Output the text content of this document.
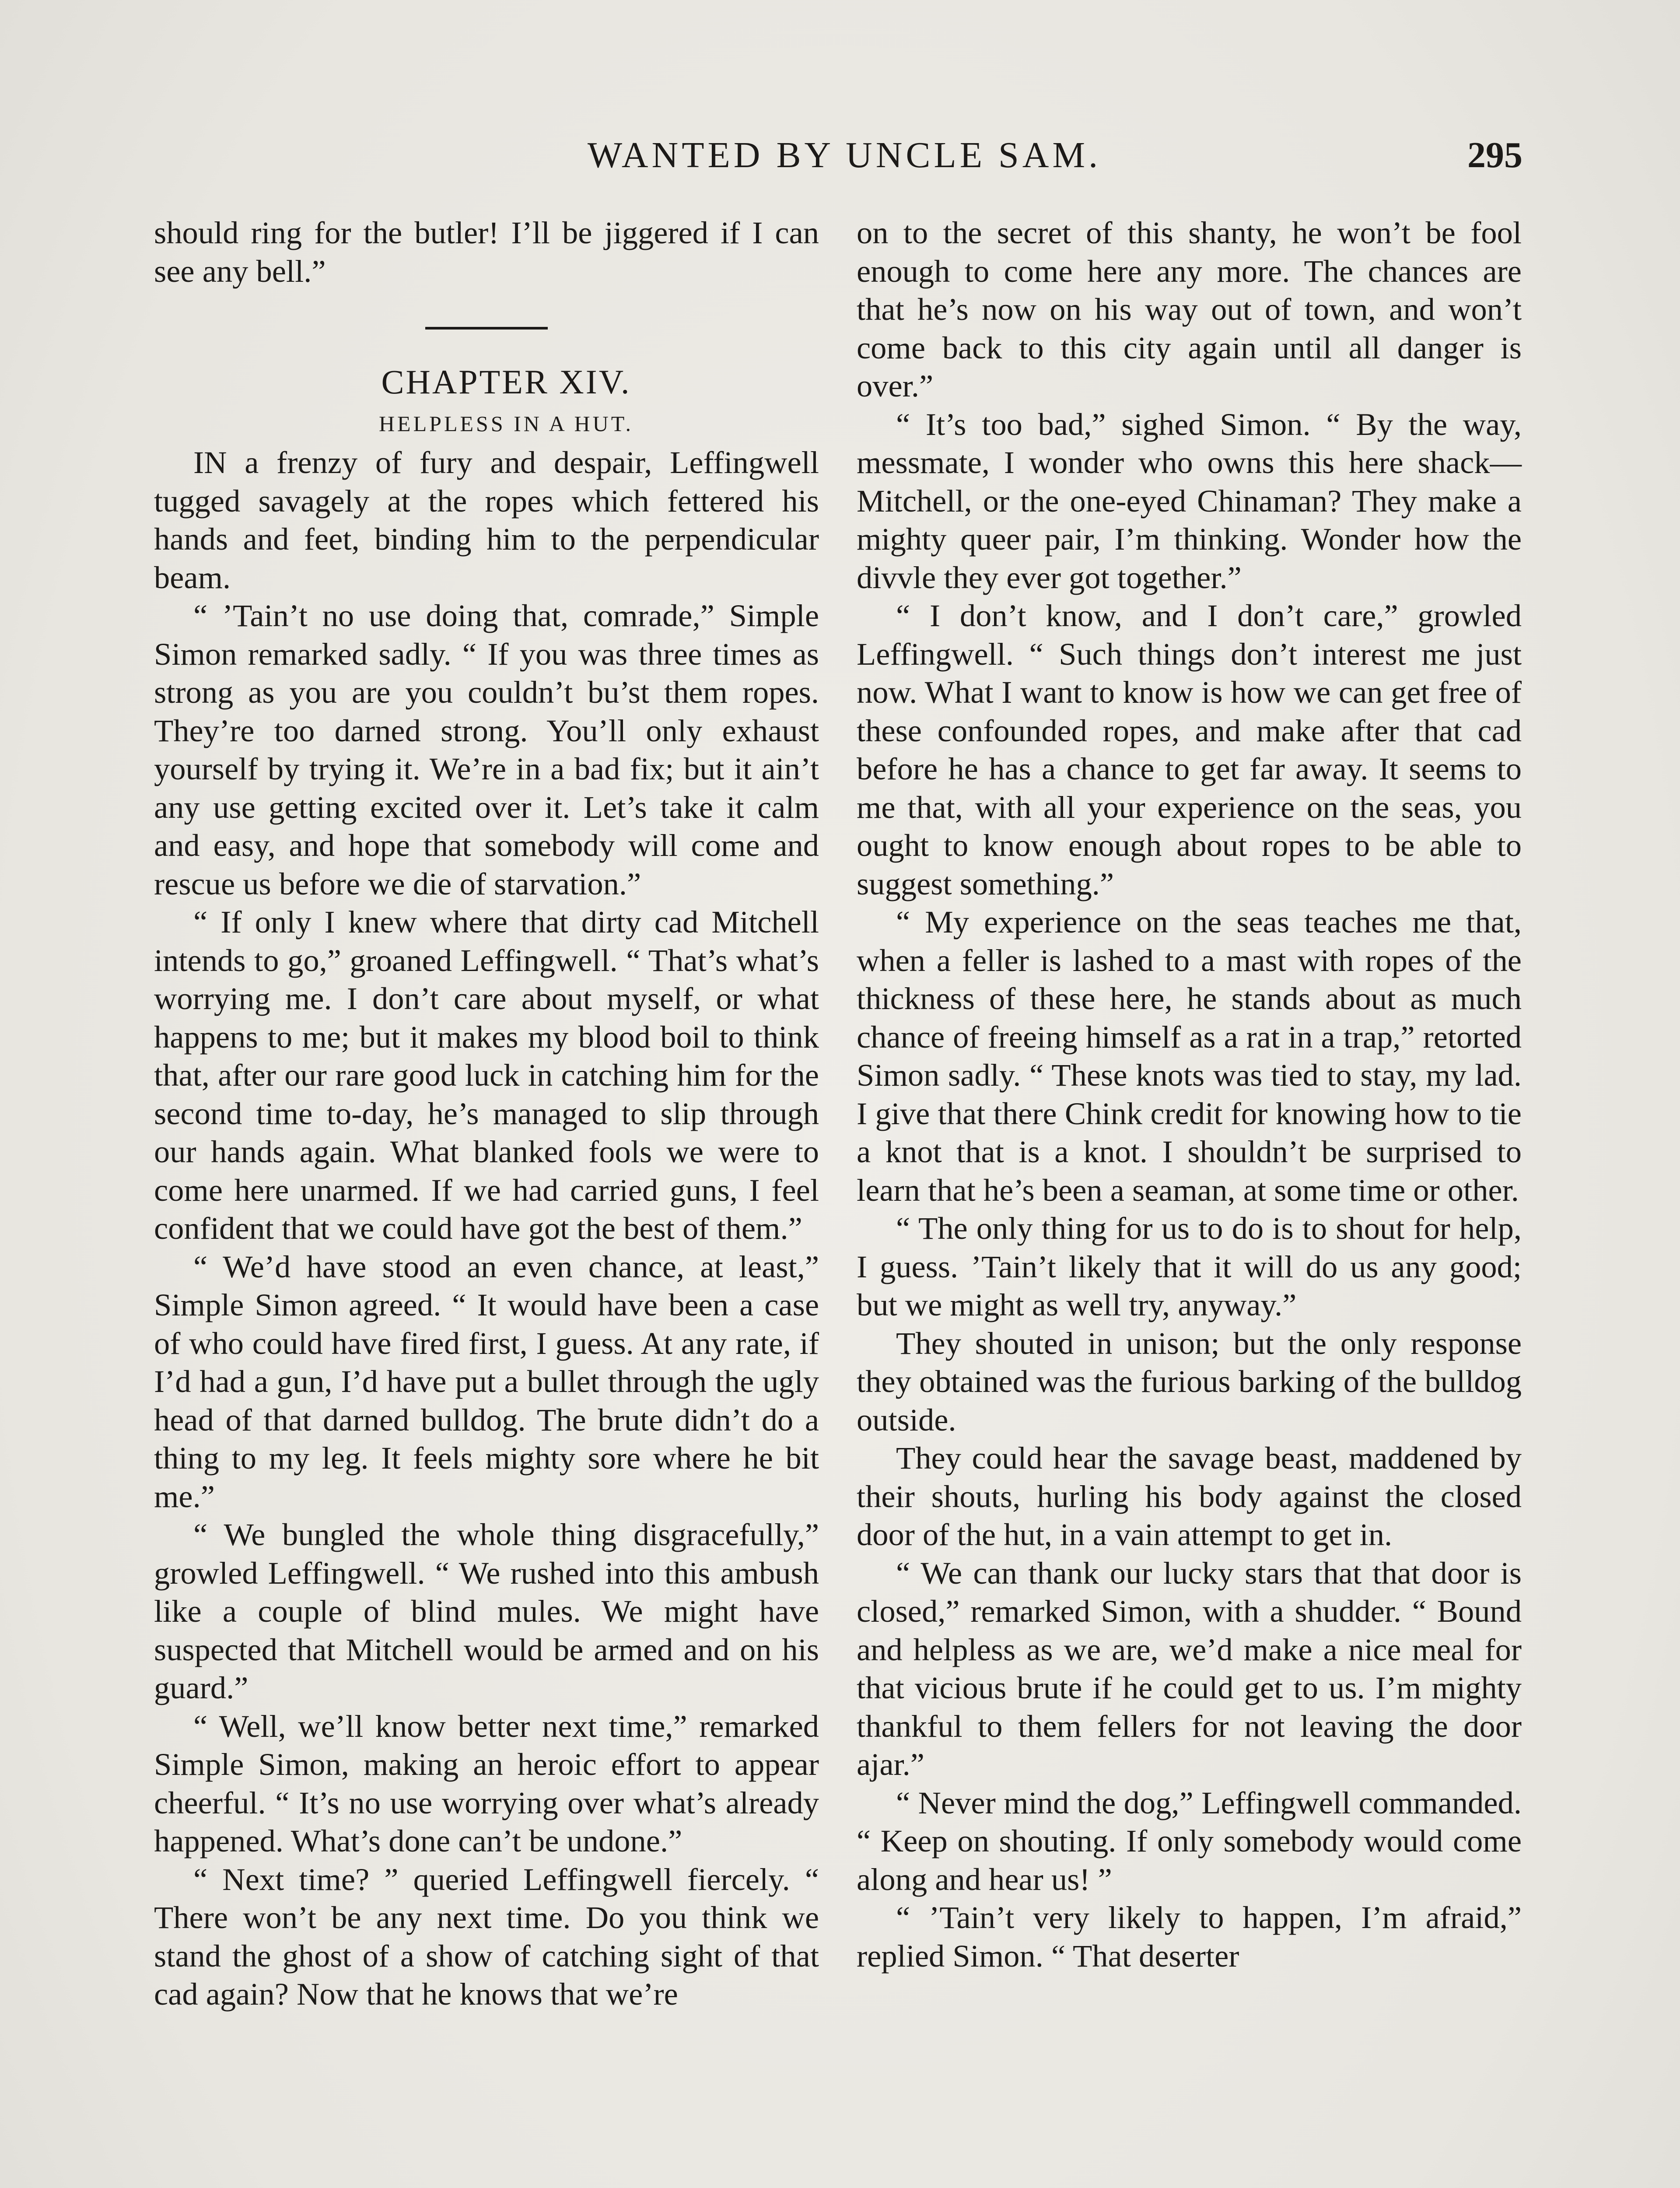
WANTED BY UNCLE SAM.	295

should ring for the butler! I’ll be jiggered if I can see any bell.”

CHAPTER XIV.

HELPLESS IN A HUT.

IN a frenzy of fury and despair, Leffingwell tugged savagely at the ropes which fettered his hands and feet, binding him to the perpendicular beam.

“ ’Tain’t no use doing that, comrade,” Simple Simon remarked sadly. “ If you was three times as strong as you are you couldn’t bu’st them ropes. They’re too darned strong. You’ll only exhaust yourself by trying it. We’re in a bad fix; but it ain’t any use getting excited over it. Let’s take it calm and easy, and hope that somebody will come and rescue us before we die of starvation.”

“ If only I knew where that dirty cad Mitchell intends to go,” groaned Leffingwell. “ That’s what’s worrying me. I don’t care about myself, or what happens to me; but it makes my blood boil to think that, after our rare good luck in catching him for the second time to-day, he’s managed to slip through our hands again. What blanked fools we were to come here unarmed. If we had carried guns, I feel confident that we could have got the best of them.”

“ We’d have stood an even chance, at least,” Simple Simon agreed. “ It would have been a case of who could have fired first, I guess. At any rate, if I’d had a gun, I’d have put a bullet through the ugly head of that darned bulldog. The brute didn’t do a thing to my leg. It feels mighty sore where he bit me.”

“ We bungled the whole thing disgracefully,” growled Leffingwell. “ We rushed into this ambush like a couple of blind mules. We might have suspected that Mitchell would be armed and on his guard.”

“ Well, we’ll know better next time,” remarked Simple Simon, making an heroic effort to appear cheerful. “ It’s no use worrying over what’s already happened. What’s done can’t be undone.”

“ Next time? ” queried Leffingwell fiercely. “ There won’t be any next time. Do you think we stand the ghost of a show of catching sight of that cad again? Now that he knows that we’re

on to the secret of this shanty, he won’t be fool enough to come here any more. The chances are that he’s now on his way out of town, and won’t come back to this city again until all danger is over.”

“ It’s too bad,” sighed Simon. “ By the way, messmate, I wonder who owns this here shack—Mitchell, or the one-eyed Chinaman? They make a mighty queer pair, I’m thinking. Wonder how the divvle they ever got together.”

“ I don’t know, and I don’t care,” growled Leffingwell. “ Such things don’t interest me just now. What I want to know is how we can get free of these confounded ropes, and make after that cad before he has a chance to get far away. It seems to me that, with all your experience on the seas, you ought to know enough about ropes to be able to suggest something.”

“ My experience on the seas teaches me that, when a feller is lashed to a mast with ropes of the thickness of these here, he stands about as much chance of freeing himself as a rat in a trap,” retorted Simon sadly. “ These knots was tied to stay, my lad. I give that there Chink credit for knowing how to tie a knot that is a knot. I shouldn’t be surprised to learn that he’s been a seaman, at some time or other.

“ The only thing for us to do is to shout for help, I guess. ’Tain’t likely that it will do us any good; but we might as well try, anyway.”

They shouted in unison; but the only response they obtained was the furious barking of the bulldog outside.

They could hear the savage beast, maddened by their shouts, hurling his body against the closed door of the hut, in a vain attempt to get in.

“ We can thank our lucky stars that that door is closed,” remarked Simon, with a shudder. “ Bound and helpless as we are, we’d make a nice meal for that vicious brute if he could get to us. I’m mighty thankful to them fellers for not leaving the door ajar.”

“ Never mind the dog,” Leffingwell commanded. “ Keep on shouting. If only somebody would come along and hear us! ”

“ ’Tain’t very likely to happen, I’m afraid,” replied Simon. “ That deserter
